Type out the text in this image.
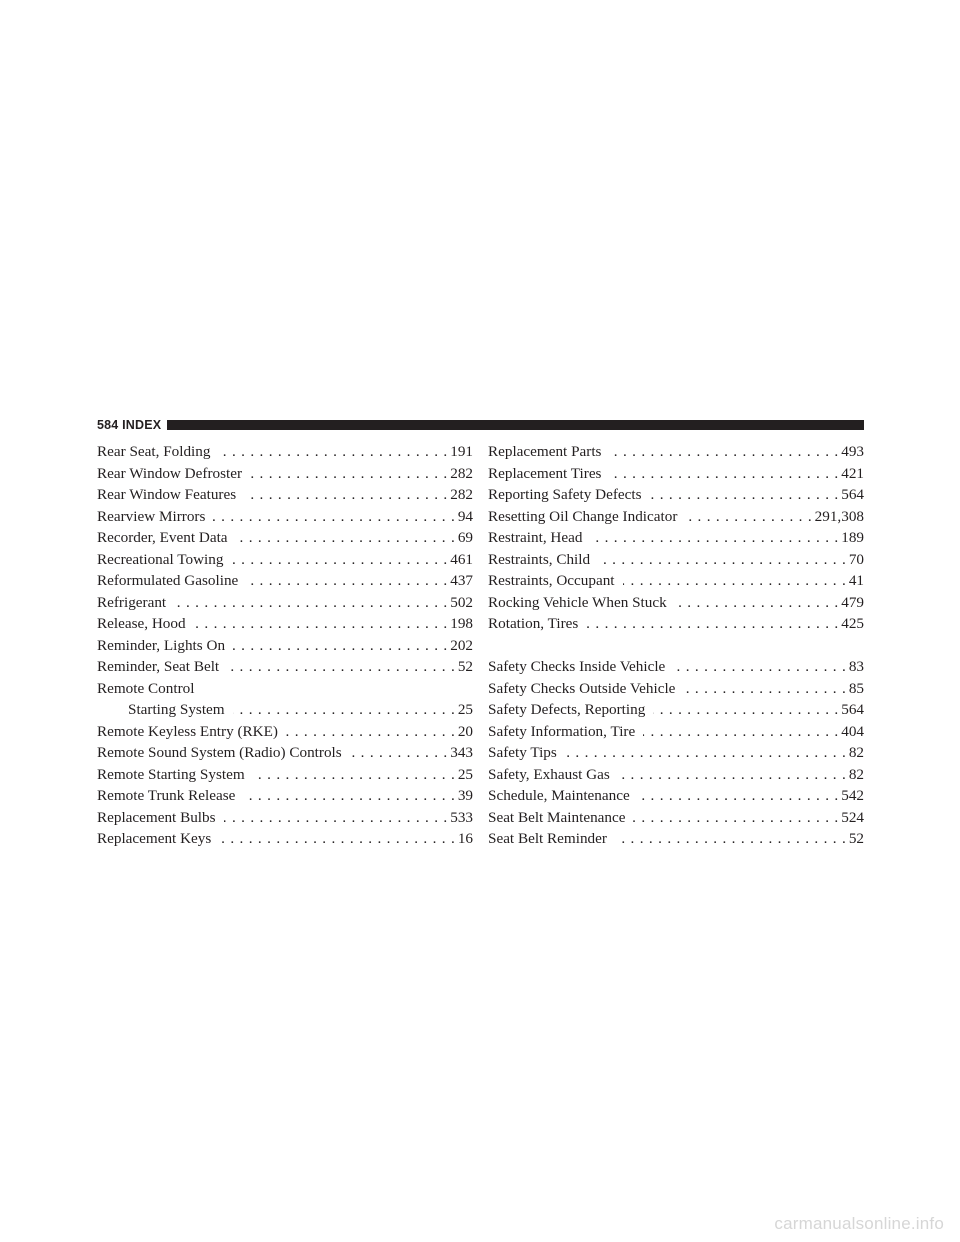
584 INDEX
Rear Seat, Folding . . .	191
Rear Window Defroster . . .	282
Rear Window Features . . .	282
Rearview Mirrors . . .	94
Recorder, Event Data . . .	69
Recreational Towing . . .	461
Reformulated Gasoline . . .	437
Refrigerant . . .	502
Release, Hood . . .	198
Reminder, Lights On . . .	202
Reminder, Seat Belt . . .	52
Remote Control
Starting System . . .	25
Remote Keyless Entry (RKE) . . .	20
Remote Sound System (Radio) Controls . . .	343
Remote Starting System . . .	25
Remote Trunk Release . . .	39
Replacement Bulbs . . .	533
Replacement Keys . . .	16
Replacement Parts . . .	493
Replacement Tires . . .	421
Reporting Safety Defects . . .	564
Resetting Oil Change Indicator . . .	291,308
Restraint, Head . . .	189
Restraints, Child . . .	70
Restraints, Occupant . . .	41
Rocking Vehicle When Stuck . . .	479
Rotation, Tires . . .	425
Safety Checks Inside Vehicle . . .	83
Safety Checks Outside Vehicle . . .	85
Safety Defects, Reporting . . .	564
Safety Information, Tire . . .	404
Safety Tips . . .	82
Safety, Exhaust Gas . . .	82
Schedule, Maintenance . . .	542
Seat Belt Maintenance . . .	524
Seat Belt Reminder . . .	52
carmanualsonline.info
